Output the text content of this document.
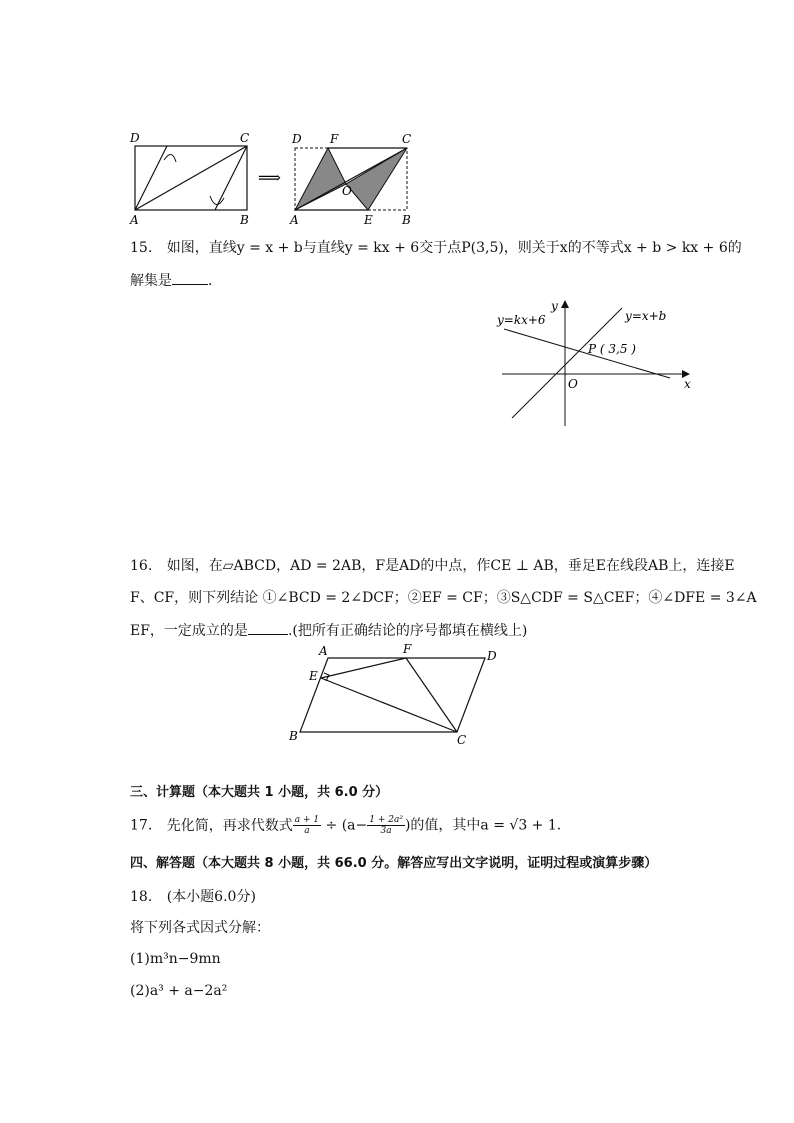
D	C
A	B
⟹
D F	C
O
A	E B
15. 如图，直线y = x + b与直线y = kx + 6交于点P(3,5)，则关于x的不等式x + b > kx + 6的
解集是	．
y=kx+6	y=x+b
y
x
O
P ( 3,5 )
16. 如图，在▱ABCD，AD = 2AB，F是AD的中点，作CE ⊥ AB，垂足E在线段AB上，连接E
F、CF，则下列结论 ①∠BCD = 2∠DCF；②EF = CF；③S△CDF = S△CEF；④∠DFE = 3∠A
EF，一定成立的是	.(把所有正确结论的序号都填在横线上)
A	F	D
E
B	C
三、计算题（本大题共 1 小题，共 6.0 分）
17. 先化简，再求代数式 $\frac{a + 1}{a} \div (a- \frac{\text{1 + 2a²}}{3a}$ )的值，其中a = √3 + 1.
四、解答题（本大题共 8 小题，共 66.0 分。解答应写出文字说明，证明过程或演算步骤）
18. (本小题6.0分)
将下列各式因式分解：
(1)m³n−9mn
(2)a³ + a−2a²
